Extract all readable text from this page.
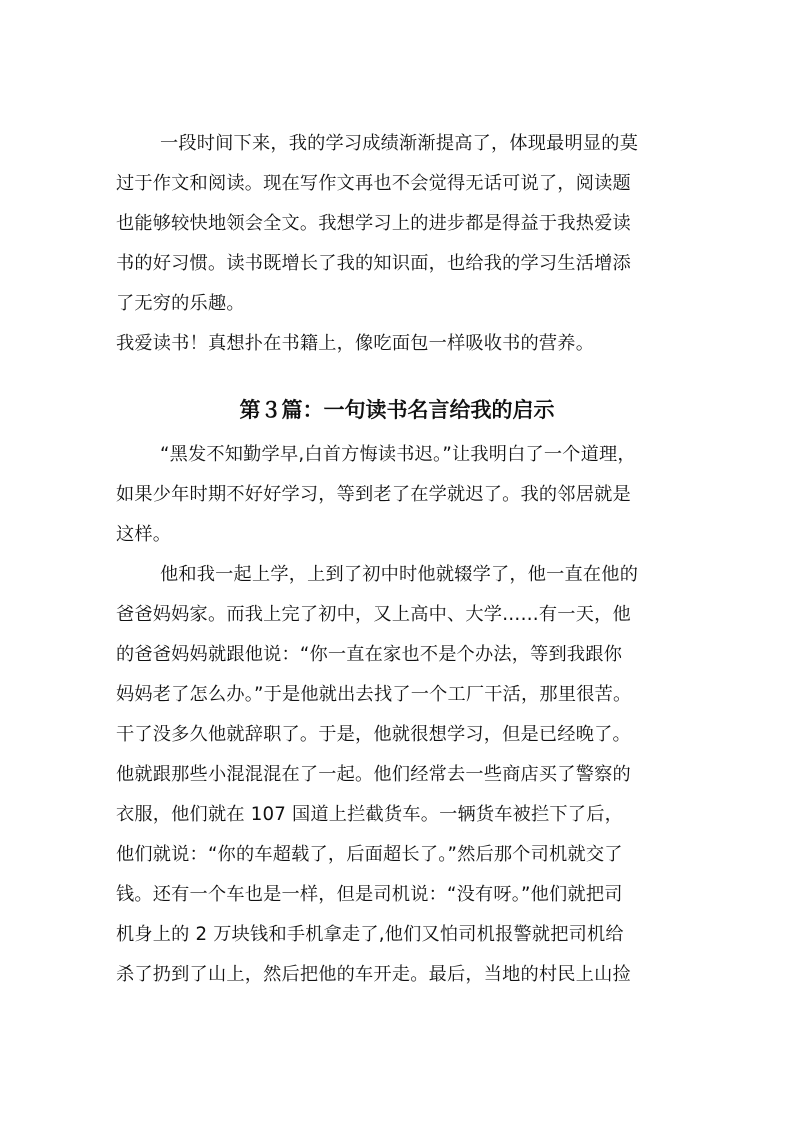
一段时间下来，我的学习成绩渐渐提高了，体现最明显的莫
过于作文和阅读。现在写作文再也不会觉得无话可说了，阅读题
也能够较快地领会全文。我想学习上的进步都是得益于我热爱读
书的好习惯。读书既增长了我的知识面，也给我的学习生活增添
了无穷的乐趣。
我爱读书！真想扑在书籍上，像吃面包一样吸收书的营养。
第３篇：一句读书名言给我的启示
“黑发不知勤学早,白首方悔读书迟。”让我明白了一个道理，
如果少年时期不好好学习，等到老了在学就迟了。我的邻居就是
这样。
他和我一起上学，上到了初中时他就辍学了，他一直在他的
爸爸妈妈家。而我上完了初中，又上高中、大学……有一天，他
的爸爸妈妈就跟他说：“你一直在家也不是个办法，等到我跟你
妈妈老了怎么办。”于是他就出去找了一个工厂干活，那里很苦。
干了没多久他就辞职了。于是，他就很想学习，但是已经晚了。
他就跟那些小混混混在了一起。他们经常去一些商店买了警察的
衣服，他们就在 107 国道上拦截货车。一辆货车被拦下了后，
他们就说：“你的车超载了，后面超长了。”然后那个司机就交了
钱。还有一个车也是一样，但是司机说：“没有呀。”他们就把司
机身上的 2 万块钱和手机拿走了,他们又怕司机报警就把司机给
杀了扔到了山上，然后把他的车开走。最后，当地的村民上山捡
